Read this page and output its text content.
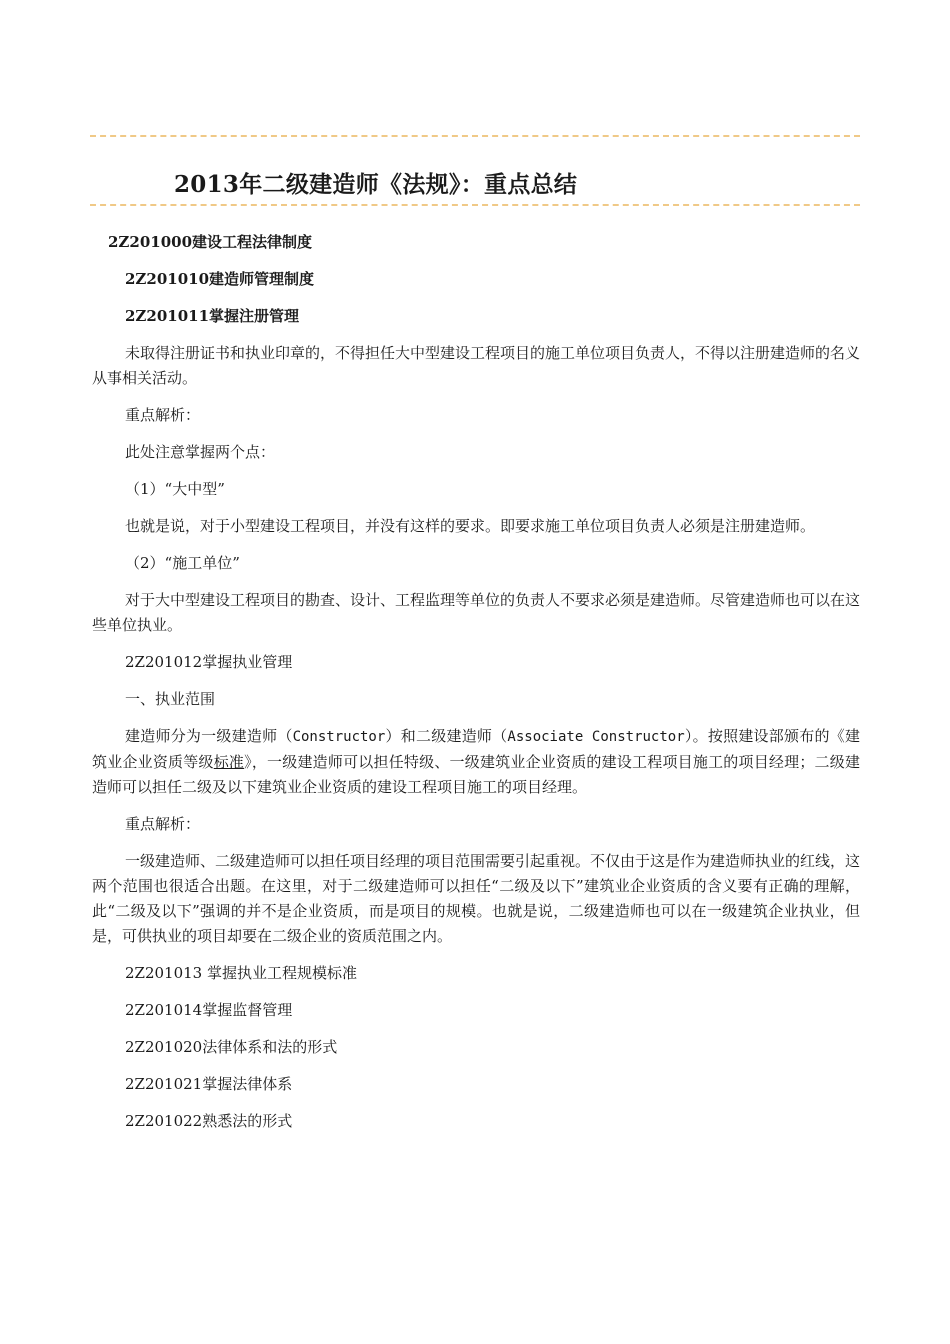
2013年二级建造师《法规》：重点总结

2Z201000建设工程法律制度

2Z201010建造师管理制度

2Z201011掌握注册管理

未取得注册证书和执业印章的，不得担任大中型建设工程项目的施工单位项目负责人，不得以注册建造师的名义从事相关活动。

重点解析：

此处注意掌握两个点：

（1）“大中型”

也就是说，对于小型建设工程项目，并没有这样的要求。即要求施工单位项目负责人必须是注册建造师。

（2）“施工单位”

对于大中型建设工程项目的勘查、设计、工程监理等单位的负责人不要求必须是建造师。尽管建造师也可以在这些单位执业。

2Z201012掌握执业管理

一、执业范围

建造师分为一级建造师（Constructor）和二级建造师（Associate Constructor）。按照建设部颁布的《建筑业企业资质等级标准》，一级建造师可以担任特级、一级建筑业企业资质的建设工程项目施工的项目经理；二级建造师可以担任二级及以下建筑业企业资质的建设工程项目施工的项目经理。

重点解析：

一级建造师、二级建造师可以担任项目经理的项目范围需要引起重视。不仅由于这是作为建造师执业的红线，这两个范围也很适合出题。在这里，对于二级建造师可以担任“二级及以下”建筑业企业资质的含义要有正确的理解，此“二级及以下”强调的并不是企业资质，而是项目的规模。也就是说，二级建造师也可以在一级建筑企业执业，但是，可供执业的项目却要在二级企业的资质范围之内。

2Z201013 掌握执业工程规模标准

2Z201014掌握监督管理

2Z201020法律体系和法的形式

2Z201021掌握法律体系

2Z201022熟悉法的形式
